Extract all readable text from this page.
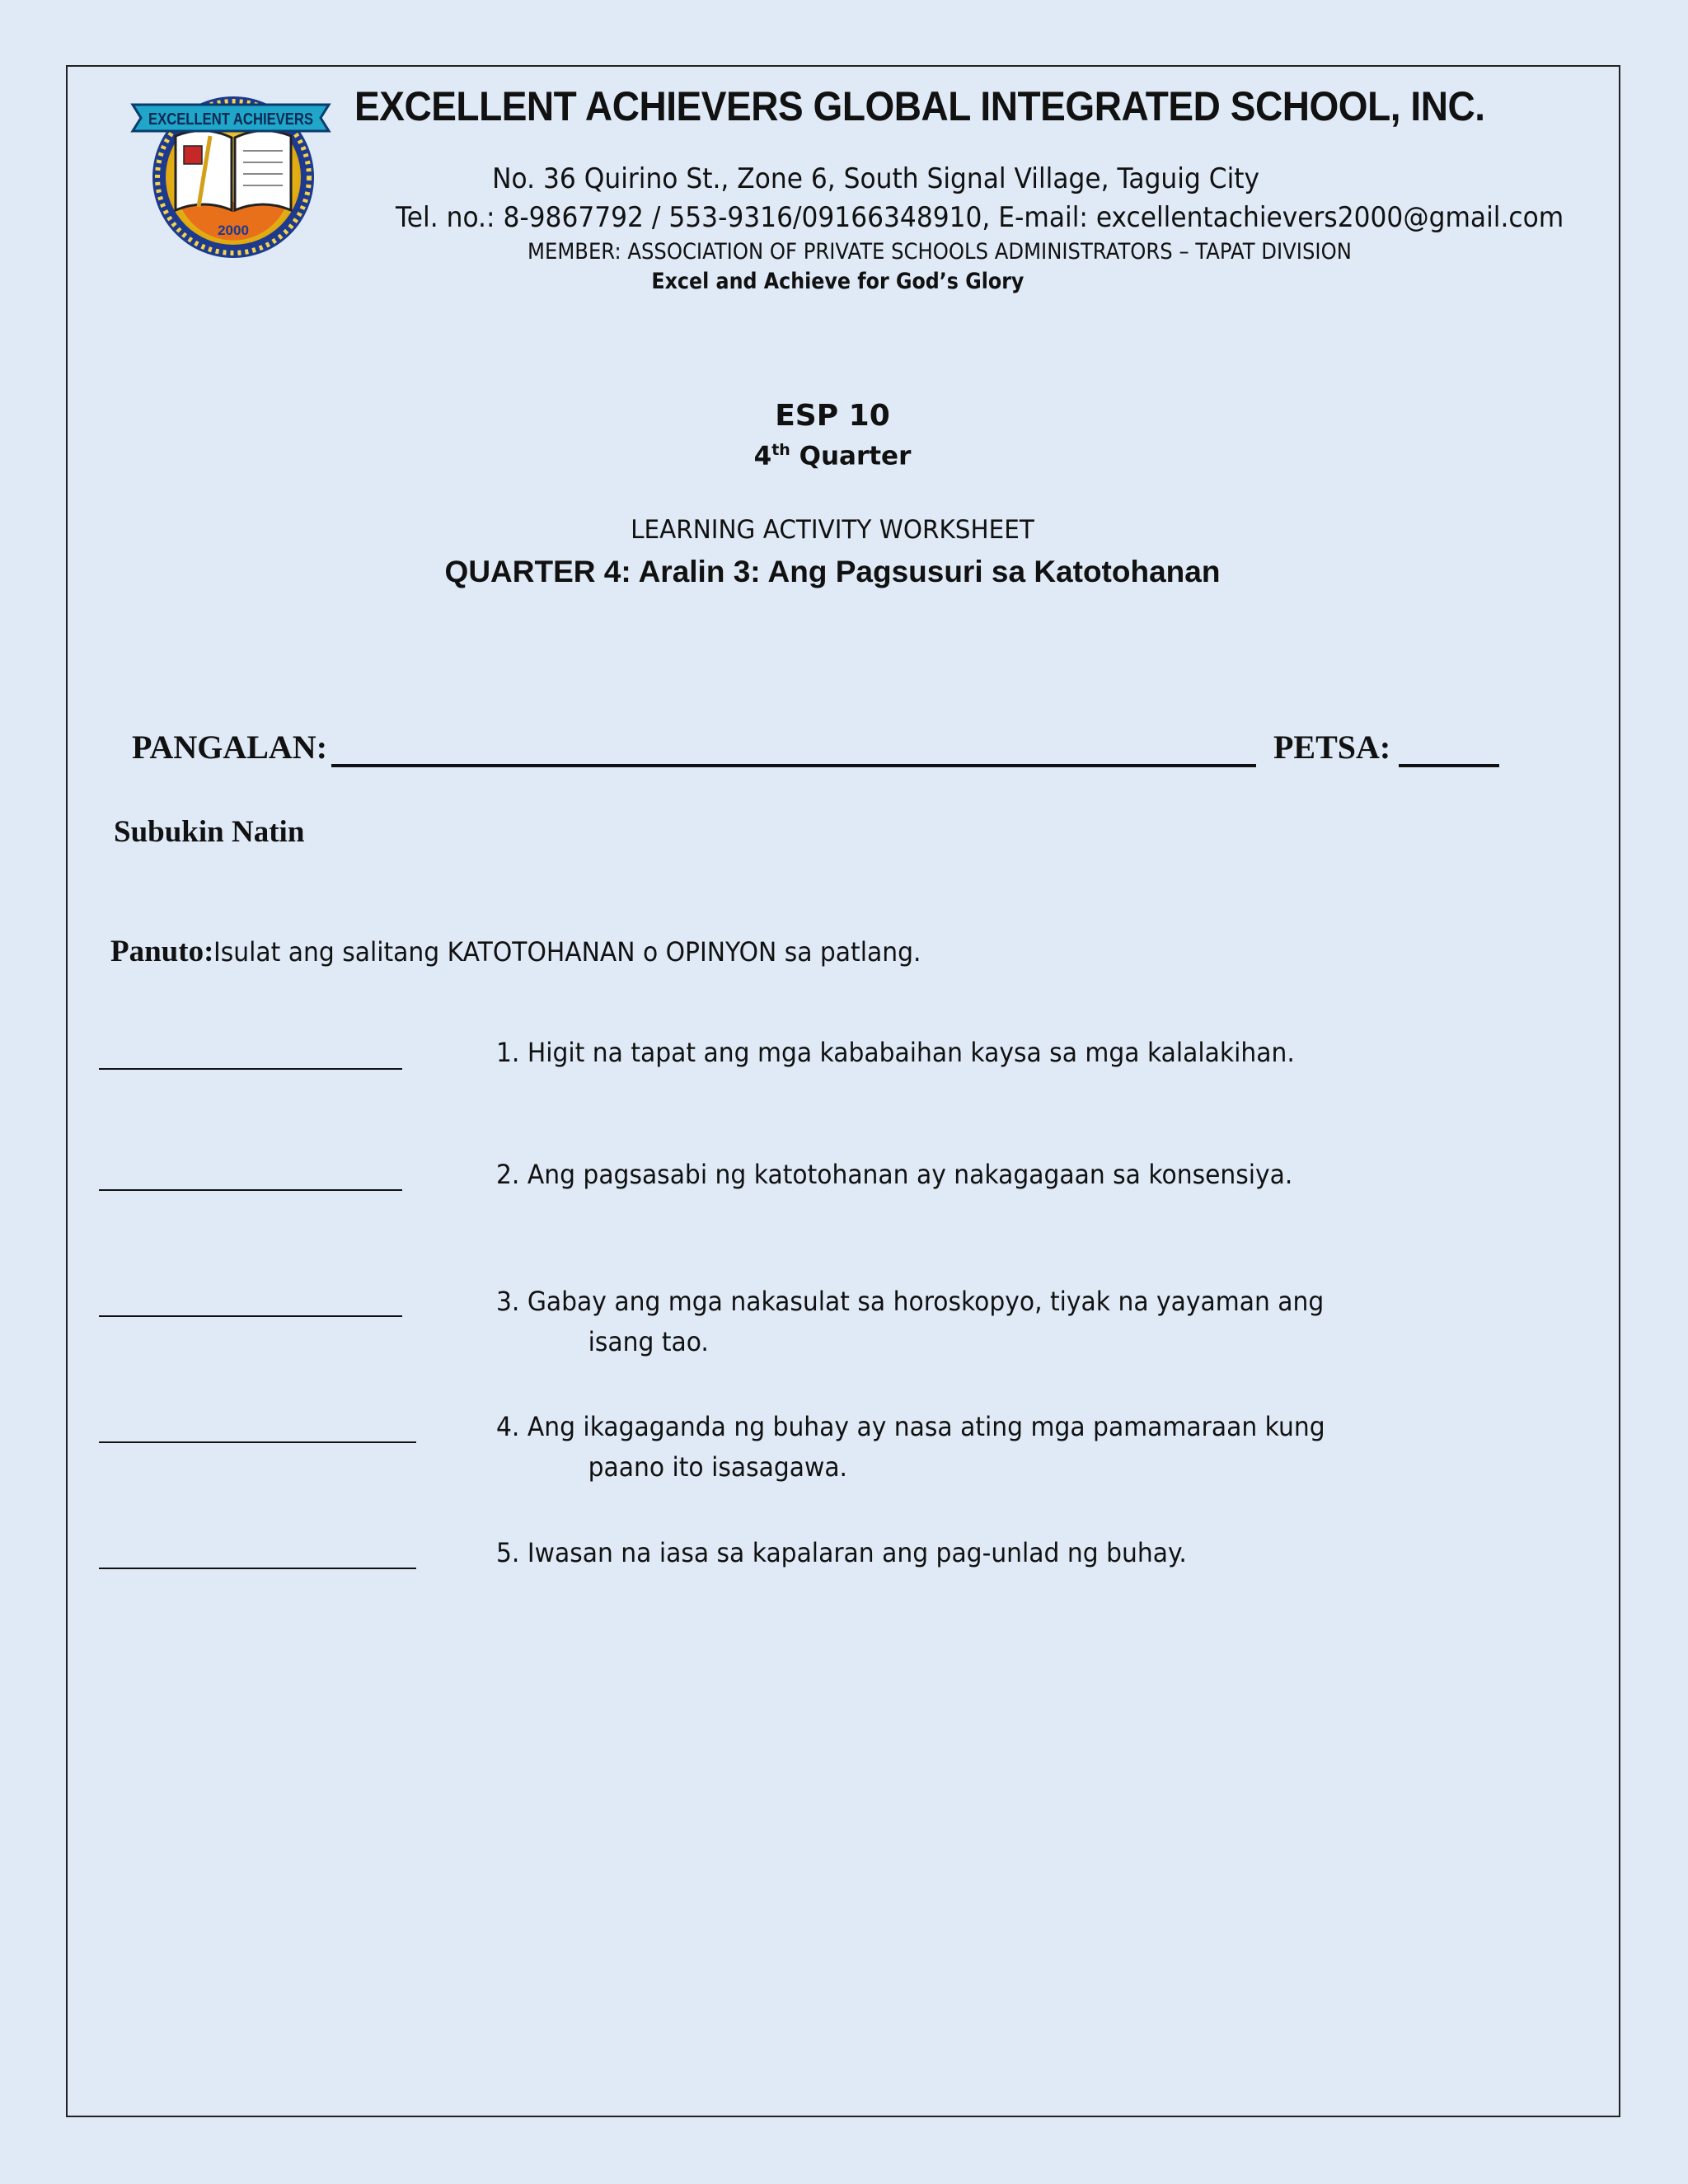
EXCELLENT ACHIEVERS
2000
EXCELLENT ACHIEVERS GLOBAL INTEGRATED SCHOOL, INC.
No. 36 Quirino St., Zone 6, South Signal Village, Taguig City
Tel. no.: 8-9867792 / 553-9316/09166348910, E-mail: excellentachievers2000@gmail.com
MEMBER: ASSOCIATION OF PRIVATE SCHOOLS ADMINISTRATORS – TAPAT DIVISION
Excel and Achieve for God’s Glory
ESP 10
4th Quarter
LEARNING ACTIVITY WORKSHEET
QUARTER 4: Aralin 3: Ang Pagsusuri sa Katotohanan
PANGALAN:	PETSA:
Subukin Natin
Panuto:Isulat ang salitang KATOTOHANAN o OPINYON sa patlang.
1. Higit na tapat ang mga kababaihan kaysa sa mga kalalakihan.
2. Ang pagsasabi ng katotohanan ay nakagagaan sa konsensiya.
3. Gabay ang mga nakasulat sa horoskopyo, tiyak na yayaman ang
isang tao.
4. Ang ikagaganda ng buhay ay nasa ating mga pamamaraan kung
paano ito isasagawa.
5. Iwasan na iasa sa kapalaran ang pag-unlad ng buhay.
